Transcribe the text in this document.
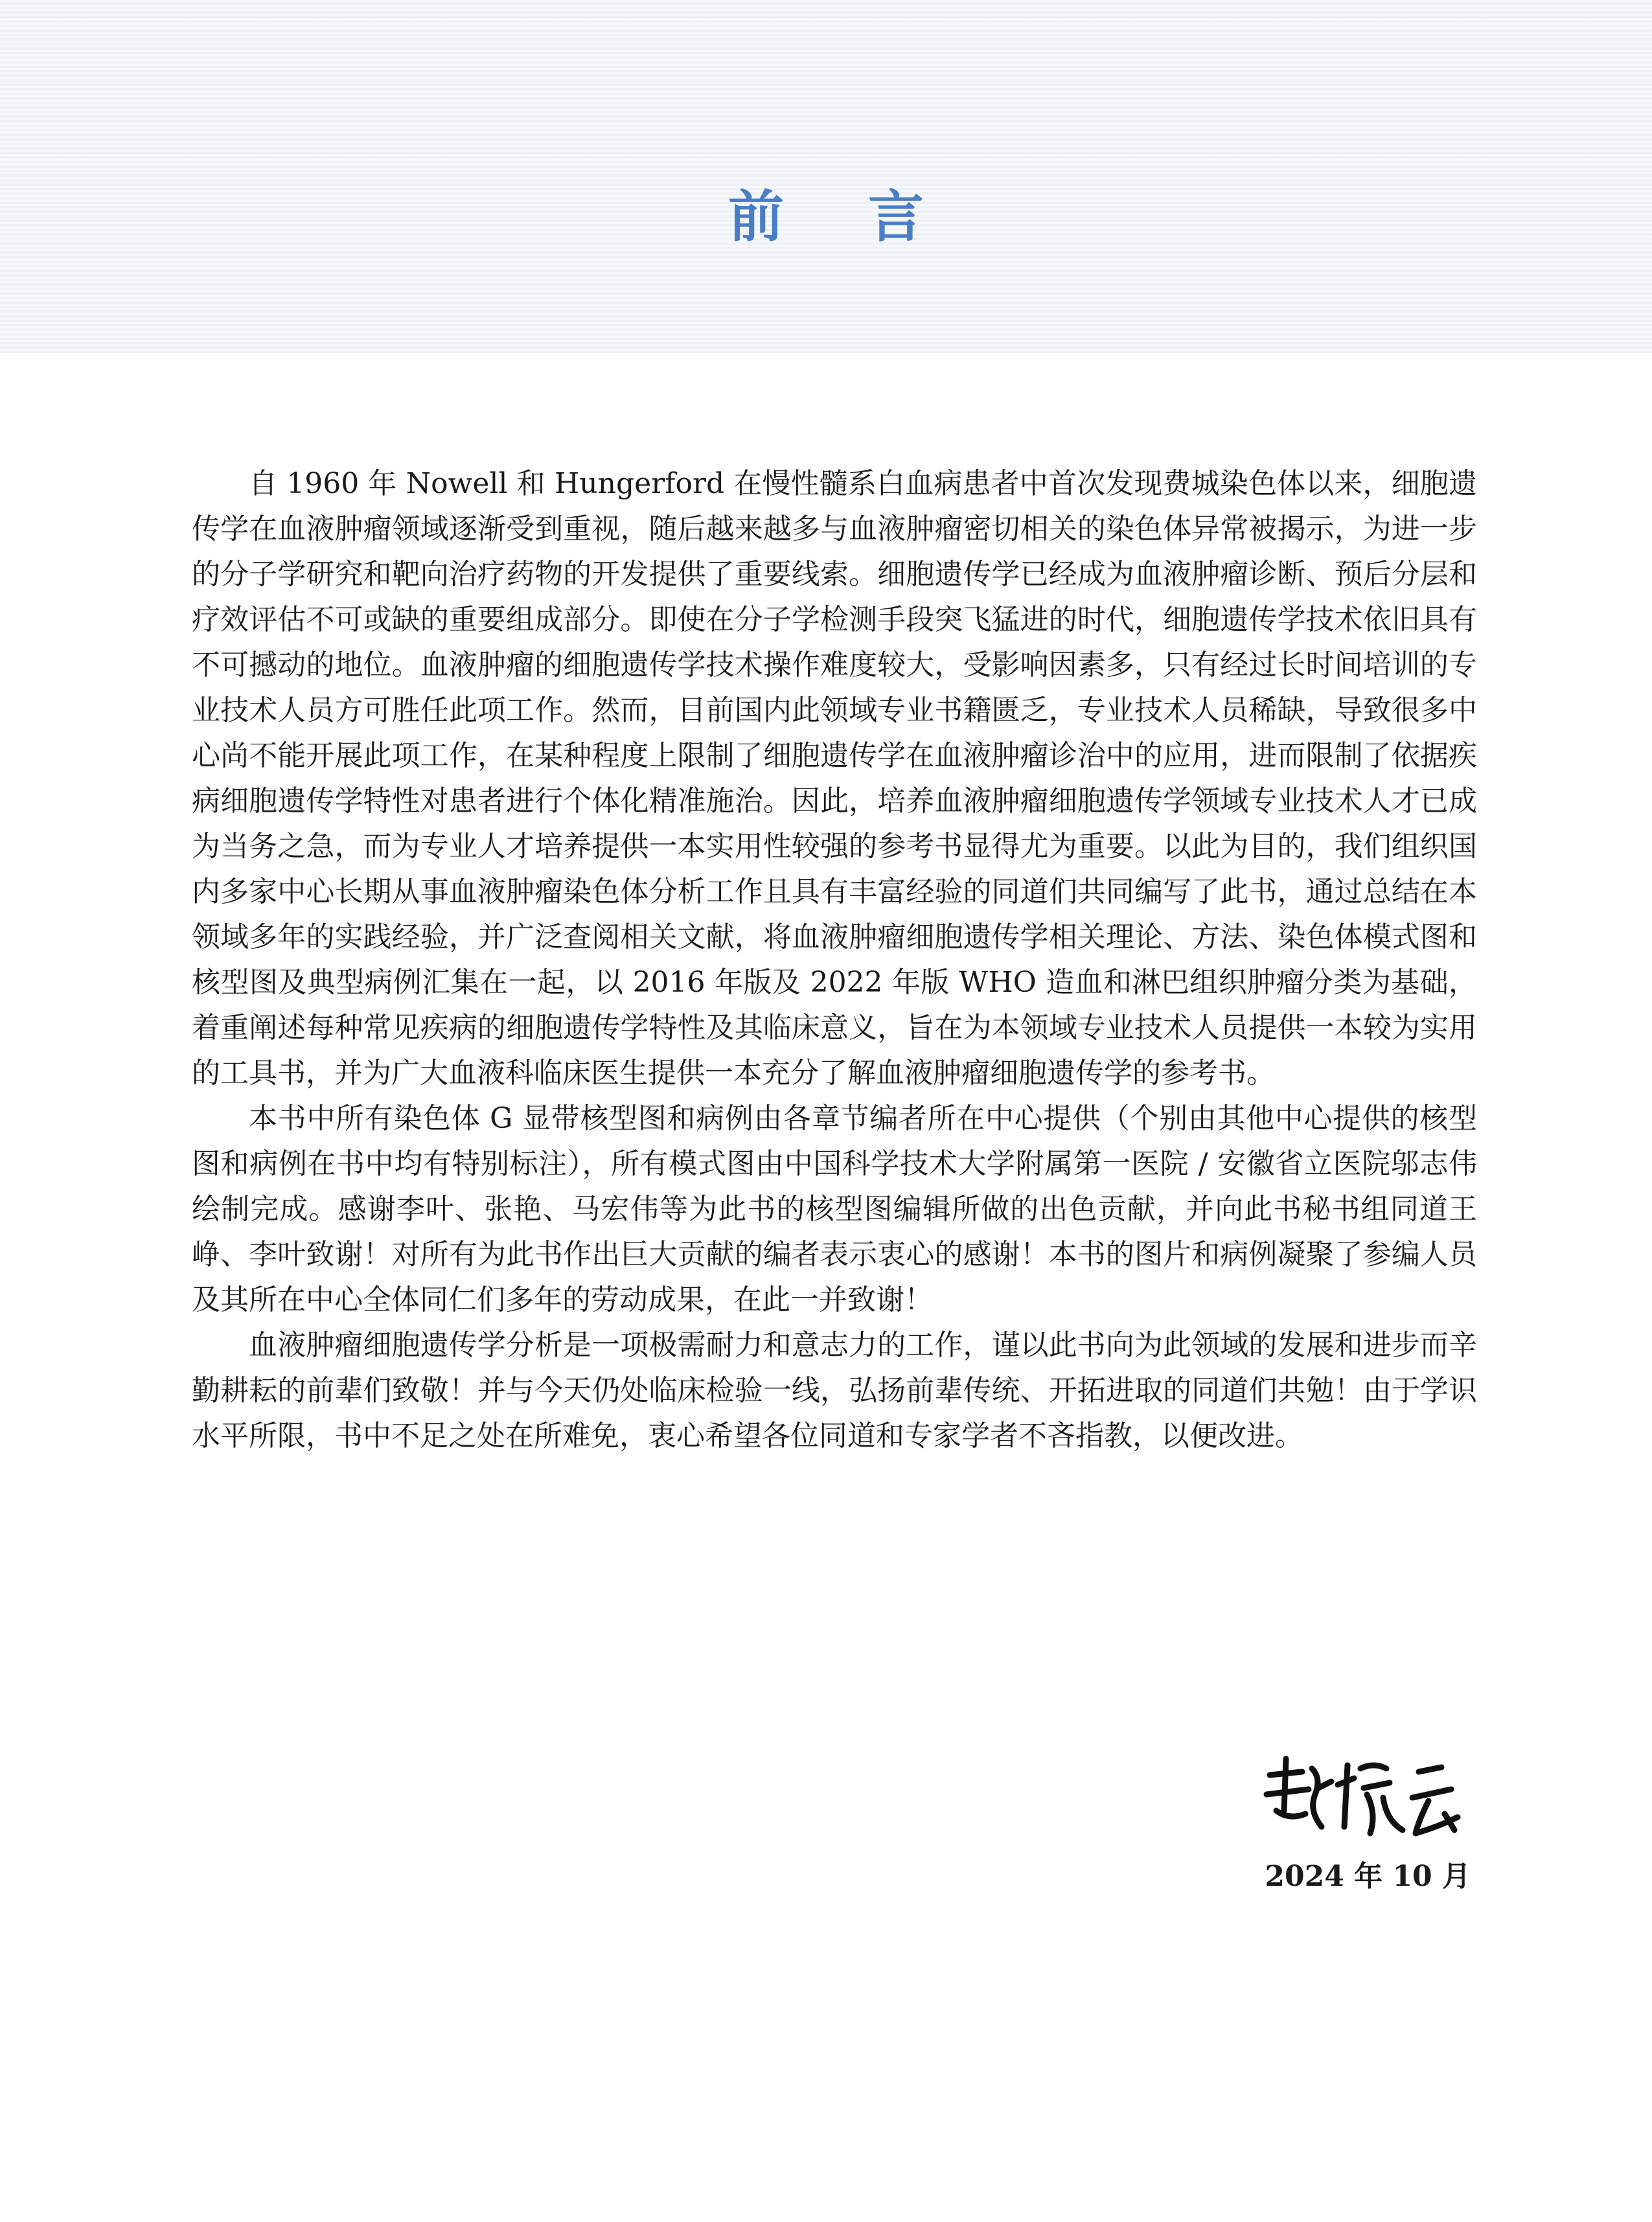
前言

自 1960 年 Nowell 和 Hungerford 在慢性髓系白血病患者中首次发现费城染色体以来，细胞遗传学在血液肿瘤领域逐渐受到重视，随后越来越多与血液肿瘤密切相关的染色体异常被揭示，为进一步的分子学研究和靶向治疗药物的开发提供了重要线索。细胞遗传学已经成为血液肿瘤诊断、预后分层和疗效评估不可或缺的重要组成部分。即使在分子学检测手段突飞猛进的时代，细胞遗传学技术依旧具有不可撼动的地位。血液肿瘤的细胞遗传学技术操作难度较大，受影响因素多，只有经过长时间培训的专业技术人员方可胜任此项工作。然而，目前国内此领域专业书籍匮乏，专业技术人员稀缺，导致很多中心尚不能开展此项工作，在某种程度上限制了细胞遗传学在血液肿瘤诊治中的应用，进而限制了依据疾病细胞遗传学特性对患者进行个体化精准施治。因此，培养血液肿瘤细胞遗传学领域专业技术人才已成为当务之急，而为专业人才培养提供一本实用性较强的参考书显得尤为重要。以此为目的，我们组织国内多家中心长期从事血液肿瘤染色体分析工作且具有丰富经验的同道们共同编写了此书，通过总结在本领域多年的实践经验，并广泛查阅相关文献，将血液肿瘤细胞遗传学相关理论、方法、染色体模式图和核型图及典型病例汇集在一起，以 2016 年版及 2022 年版 WHO 造血和淋巴组织肿瘤分类为基础，着重阐述每种常见疾病的细胞遗传学特性及其临床意义，旨在为本领域专业技术人员提供一本较为实用的工具书，并为广大血液科临床医生提供一本充分了解血液肿瘤细胞遗传学的参考书。

本书中所有染色体 G 显带核型图和病例由各章节编者所在中心提供（个别由其他中心提供的核型图和病例在书中均有特别标注），所有模式图由中国科学技术大学附属第一医院 / 安徽省立医院邬志伟绘制完成。感谢李叶、张艳、马宏伟等为此书的核型图编辑所做的出色贡献，并向此书秘书组同道王峥、李叶致谢！对所有为此书作出巨大贡献的编者表示衷心的感谢！本书的图片和病例凝聚了参编人员及其所在中心全体同仁们多年的劳动成果，在此一并致谢！

血液肿瘤细胞遗传学分析是一项极需耐力和意志力的工作，谨以此书向为此领域的发展和进步而辛勤耕耘的前辈们致敬！并与今天仍处临床检验一线，弘扬前辈传统、开拓进取的同道们共勉！由于学识水平所限，书中不足之处在所难免，衷心希望各位同道和专家学者不吝指教，以便改进。

2024 年 10 月
